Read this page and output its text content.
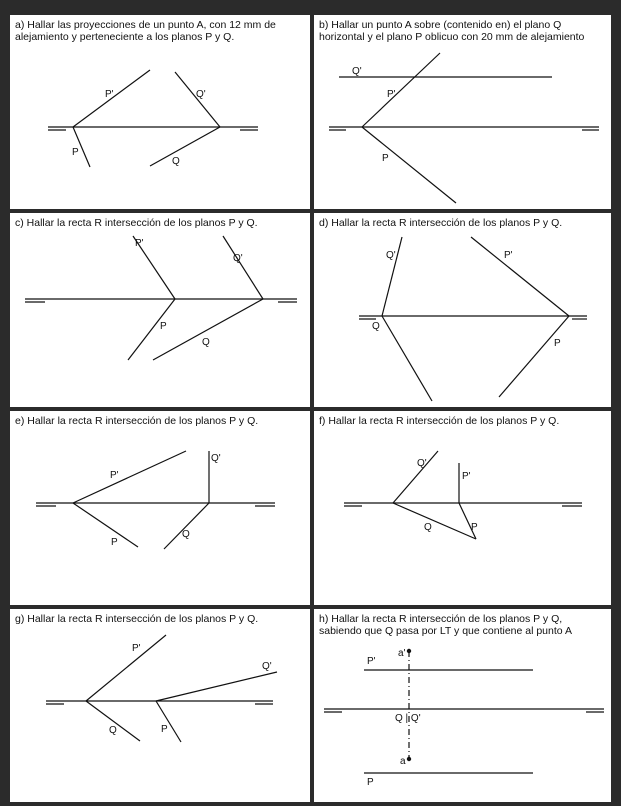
a) Hallar las proyecciones de un punto A, con 12 mm de alejamiento y perteneciente a los planos P y Q.
P'	Q'
P
Q
b) Hallar un punto A sobre (contenido en) el plano Q horizontal y el plano P oblicuo con 20 mm de alejamiento
Q'
P'
P
c) Hallar la recta R intersección de los planos P y Q.
P'
Q'
P
Q
d) Hallar la recta R intersección de los planos P y Q.
Q'	P'
Q
P
e) Hallar la recta R intersección de los planos P y Q.
Q'
P'
P
Q
f) Hallar la recta R intersección de los planos P y Q.
Q'
P'
Q	P
g) Hallar la recta R intersección de los planos P y Q.
P'
Q'
Q	P
h) Hallar la recta R intersección de los planos P y Q,
sabiendo que Q pasa por LT y que contiene al punto A
a'
P'
Q | Q'
a
P
